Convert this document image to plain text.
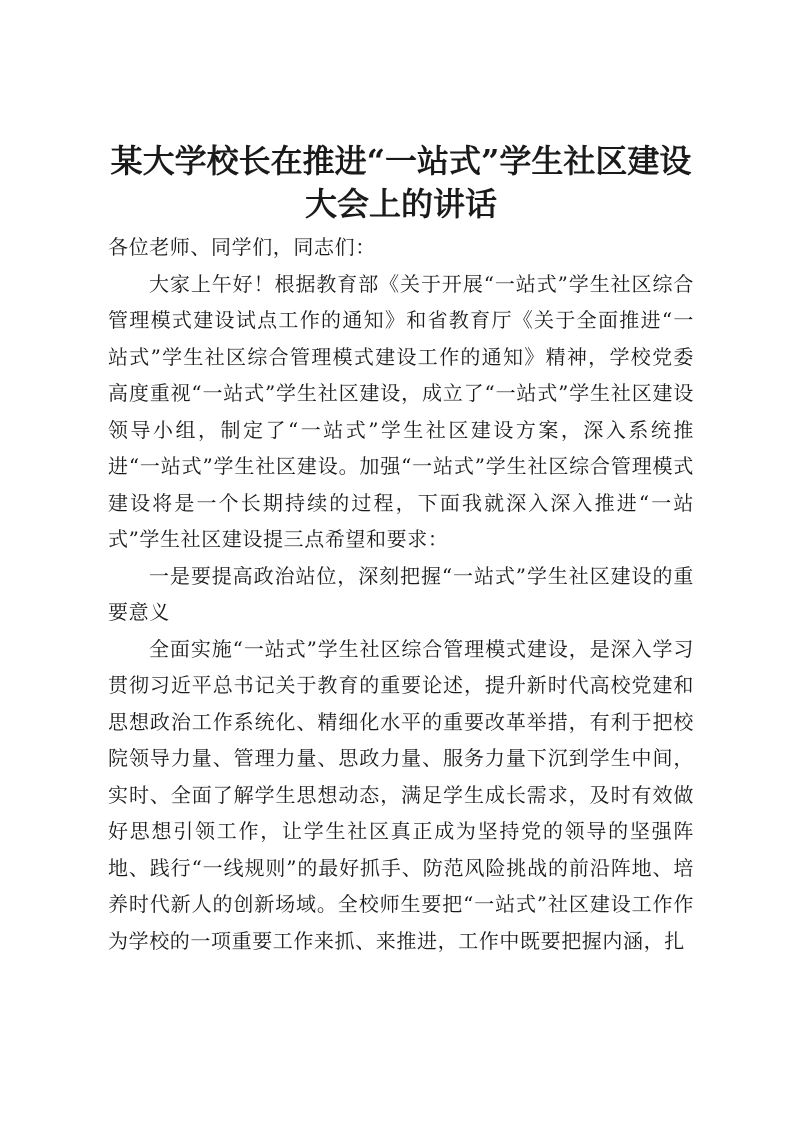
某大学校长在推进“一站式”学生社区建设大会上的讲话

各位老师、同学们，同志们：

大家上午好！根据教育部《关于开展“一站式”学生社区综合管理模式建设试点工作的通知》和省教育厅《关于全面推进“一站式”学生社区综合管理模式建设工作的通知》精神，学校党委高度重视“一站式”学生社区建设，成立了“一站式”学生社区建设领导小组，制定了“一站式”学生社区建设方案，深入系统推进“一站式”学生社区建设。加强“一站式”学生社区综合管理模式建设将是一个长期持续的过程，下面我就深入深入推进“一站式”学生社区建设提三点希望和要求：

一是要提高政治站位，深刻把握“一站式”学生社区建设的重要意义

全面实施“一站式”学生社区综合管理模式建设，是深入学习贯彻习近平总书记关于教育的重要论述，提升新时代高校党建和思想政治工作系统化、精细化水平的重要改革举措，有利于把校院领导力量、管理力量、思政力量、服务力量下沉到学生中间，实时、全面了解学生思想动态，满足学生成长需求，及时有效做好思想引领工作，让学生社区真正成为坚持党的领导的坚强阵地、践行“一线规则”的最好抓手、防范风险挑战的前沿阵地、培养时代新人的创新场域。全校师生要把“一站式”社区建设工作作为学校的一项重要工作来抓、来推进，工作中既要把握内涵，扎
